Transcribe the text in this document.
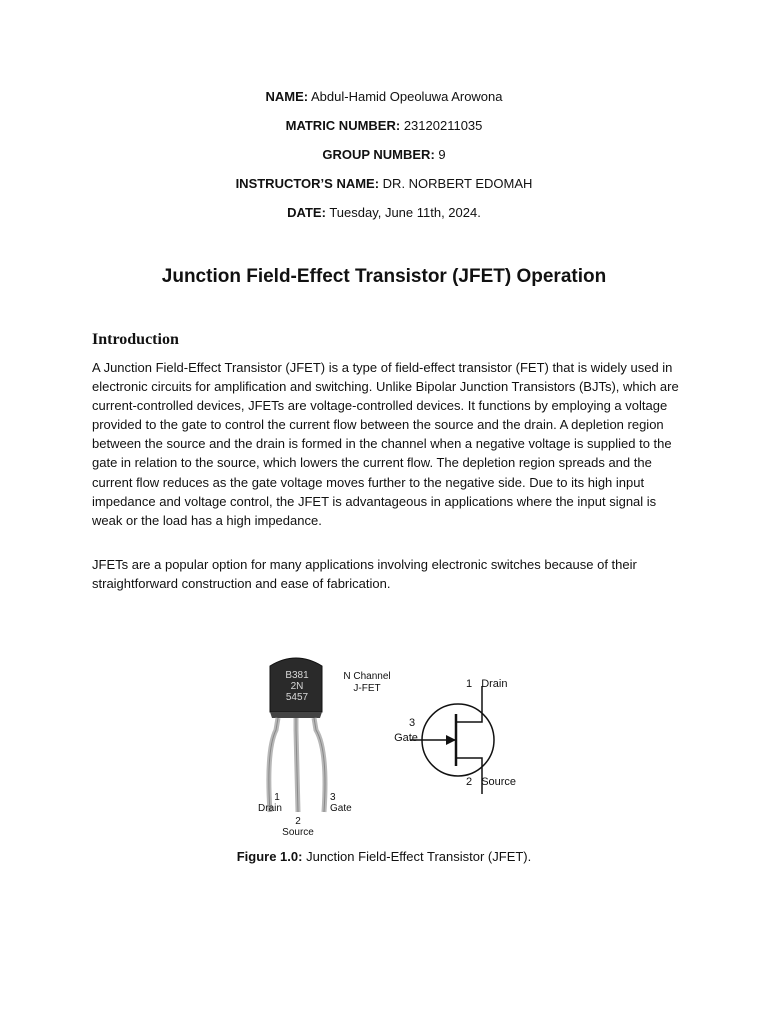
NAME: Abdul-Hamid Opeoluwa Arowona
MATRIC NUMBER: 23120211035
GROUP NUMBER: 9
INSTRUCTOR’S NAME: DR. NORBERT EDOMAH
DATE: Tuesday, June 11th, 2024.
Junction Field-Effect Transistor (JFET) Operation
Introduction

A Junction Field-Effect Transistor (JFET) is a type of field-effect transistor (FET) that is widely used in electronic circuits for amplification and switching. Unlike Bipolar Junction Transistors (BJTs), which are current-controlled devices, JFETs are voltage-controlled devices. It functions by employing a voltage provided to the gate to control the current flow between the source and the drain. A depletion region between the source and the drain is formed in the channel when a negative voltage is supplied to the gate in relation to the source, which lowers the current flow. The depletion region spreads and the current flow reduces as the gate voltage moves further to the negative side. Due to its high input impedance and voltage control, the JFET is advantageous in applications where the input signal is weak or the load has a high impedance.

JFETs are a popular option for many applications involving electronic switches because of their straightforward construction and ease of fabrication.

B381
2N
5457
N Channel
J-FET
1
Drain
2
Source
3
Gate
1 Drain
3
Gate
2 Source
Figure 1.0: Junction Field-Effect Transistor (JFET).
